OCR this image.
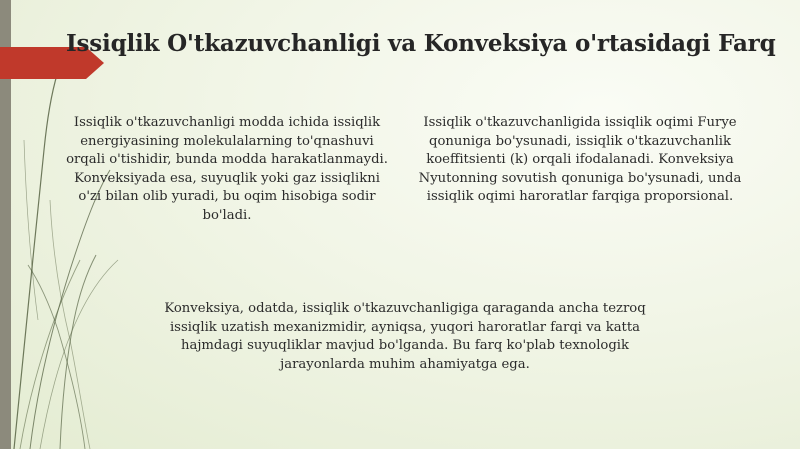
Issiqlik O'tkazuvchanligi va Konveksiya o'rtasidagi Farq

Issiqlik o'tkazuvchanligi modda ichida issiqlik energiyasining molekulalarning to'qnashuvi orqali o'tishidir, bunda modda harakatlanmaydi. Konveksiyada esa, suyuqlik yoki gaz issiqlikni o'zi bilan olib yuradi, bu oqim hisobiga sodir bo'ladi.

Issiqlik o'tkazuvchanligida issiqlik oqimi Furye qonuniga bo'ysunadi, issiqlik o'tkazuvchanlik koeffitsienti (k) orqali ifodalanadi. Konveksiya Nyutonning sovutish qonuniga bo'ysunadi, unda issiqlik oqimi haroratlar farqiga proporsional.

Konveksiya, odatda, issiqlik o'tkazuvchanligiga qaraganda ancha tezroq issiqlik uzatish mexanizmidir, ayniqsa, yuqori haroratlar farqi va katta hajmdagi suyuqliklar mavjud bo'lganda. Bu farq ko'plab texnologik jarayonlarda muhim ahamiyatga ega.
